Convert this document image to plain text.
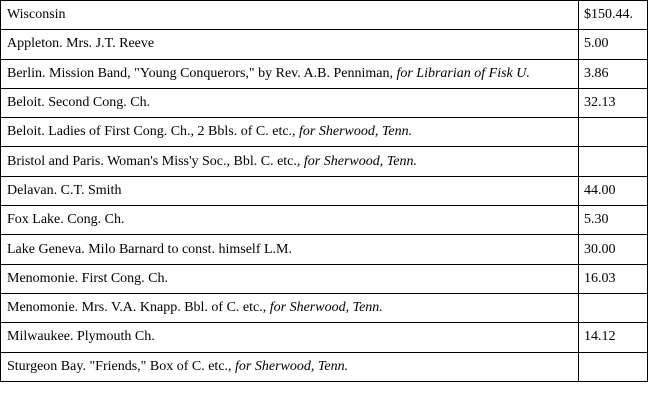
Wisconsin	$150.44.
Appleton. Mrs. J.T. Reeve	5.00
Berlin. Mission Band, "Young Conquerors," by Rev. A.B. Penniman, for Librarian of Fisk U.	3.86
Beloit. Second Cong. Ch.	32.13
Beloit. Ladies of First Cong. Ch., 2 Bbls. of C. etc., for Sherwood, Tenn.	
Bristol and Paris. Woman's Miss'y Soc., Bbl. C. etc., for Sherwood, Tenn.	
Delavan. C.T. Smith	44.00
Fox Lake. Cong. Ch.	5.30
Lake Geneva. Milo Barnard to const. himself L.M.	30.00
Menomonie. First Cong. Ch.	16.03
Menomonie. Mrs. V.A. Knapp. Bbl. of C. etc., for Sherwood, Tenn.	
Milwaukee. Plymouth Ch.	14.12
Sturgeon Bay. "Friends," Box of C. etc., for Sherwood, Tenn.	
